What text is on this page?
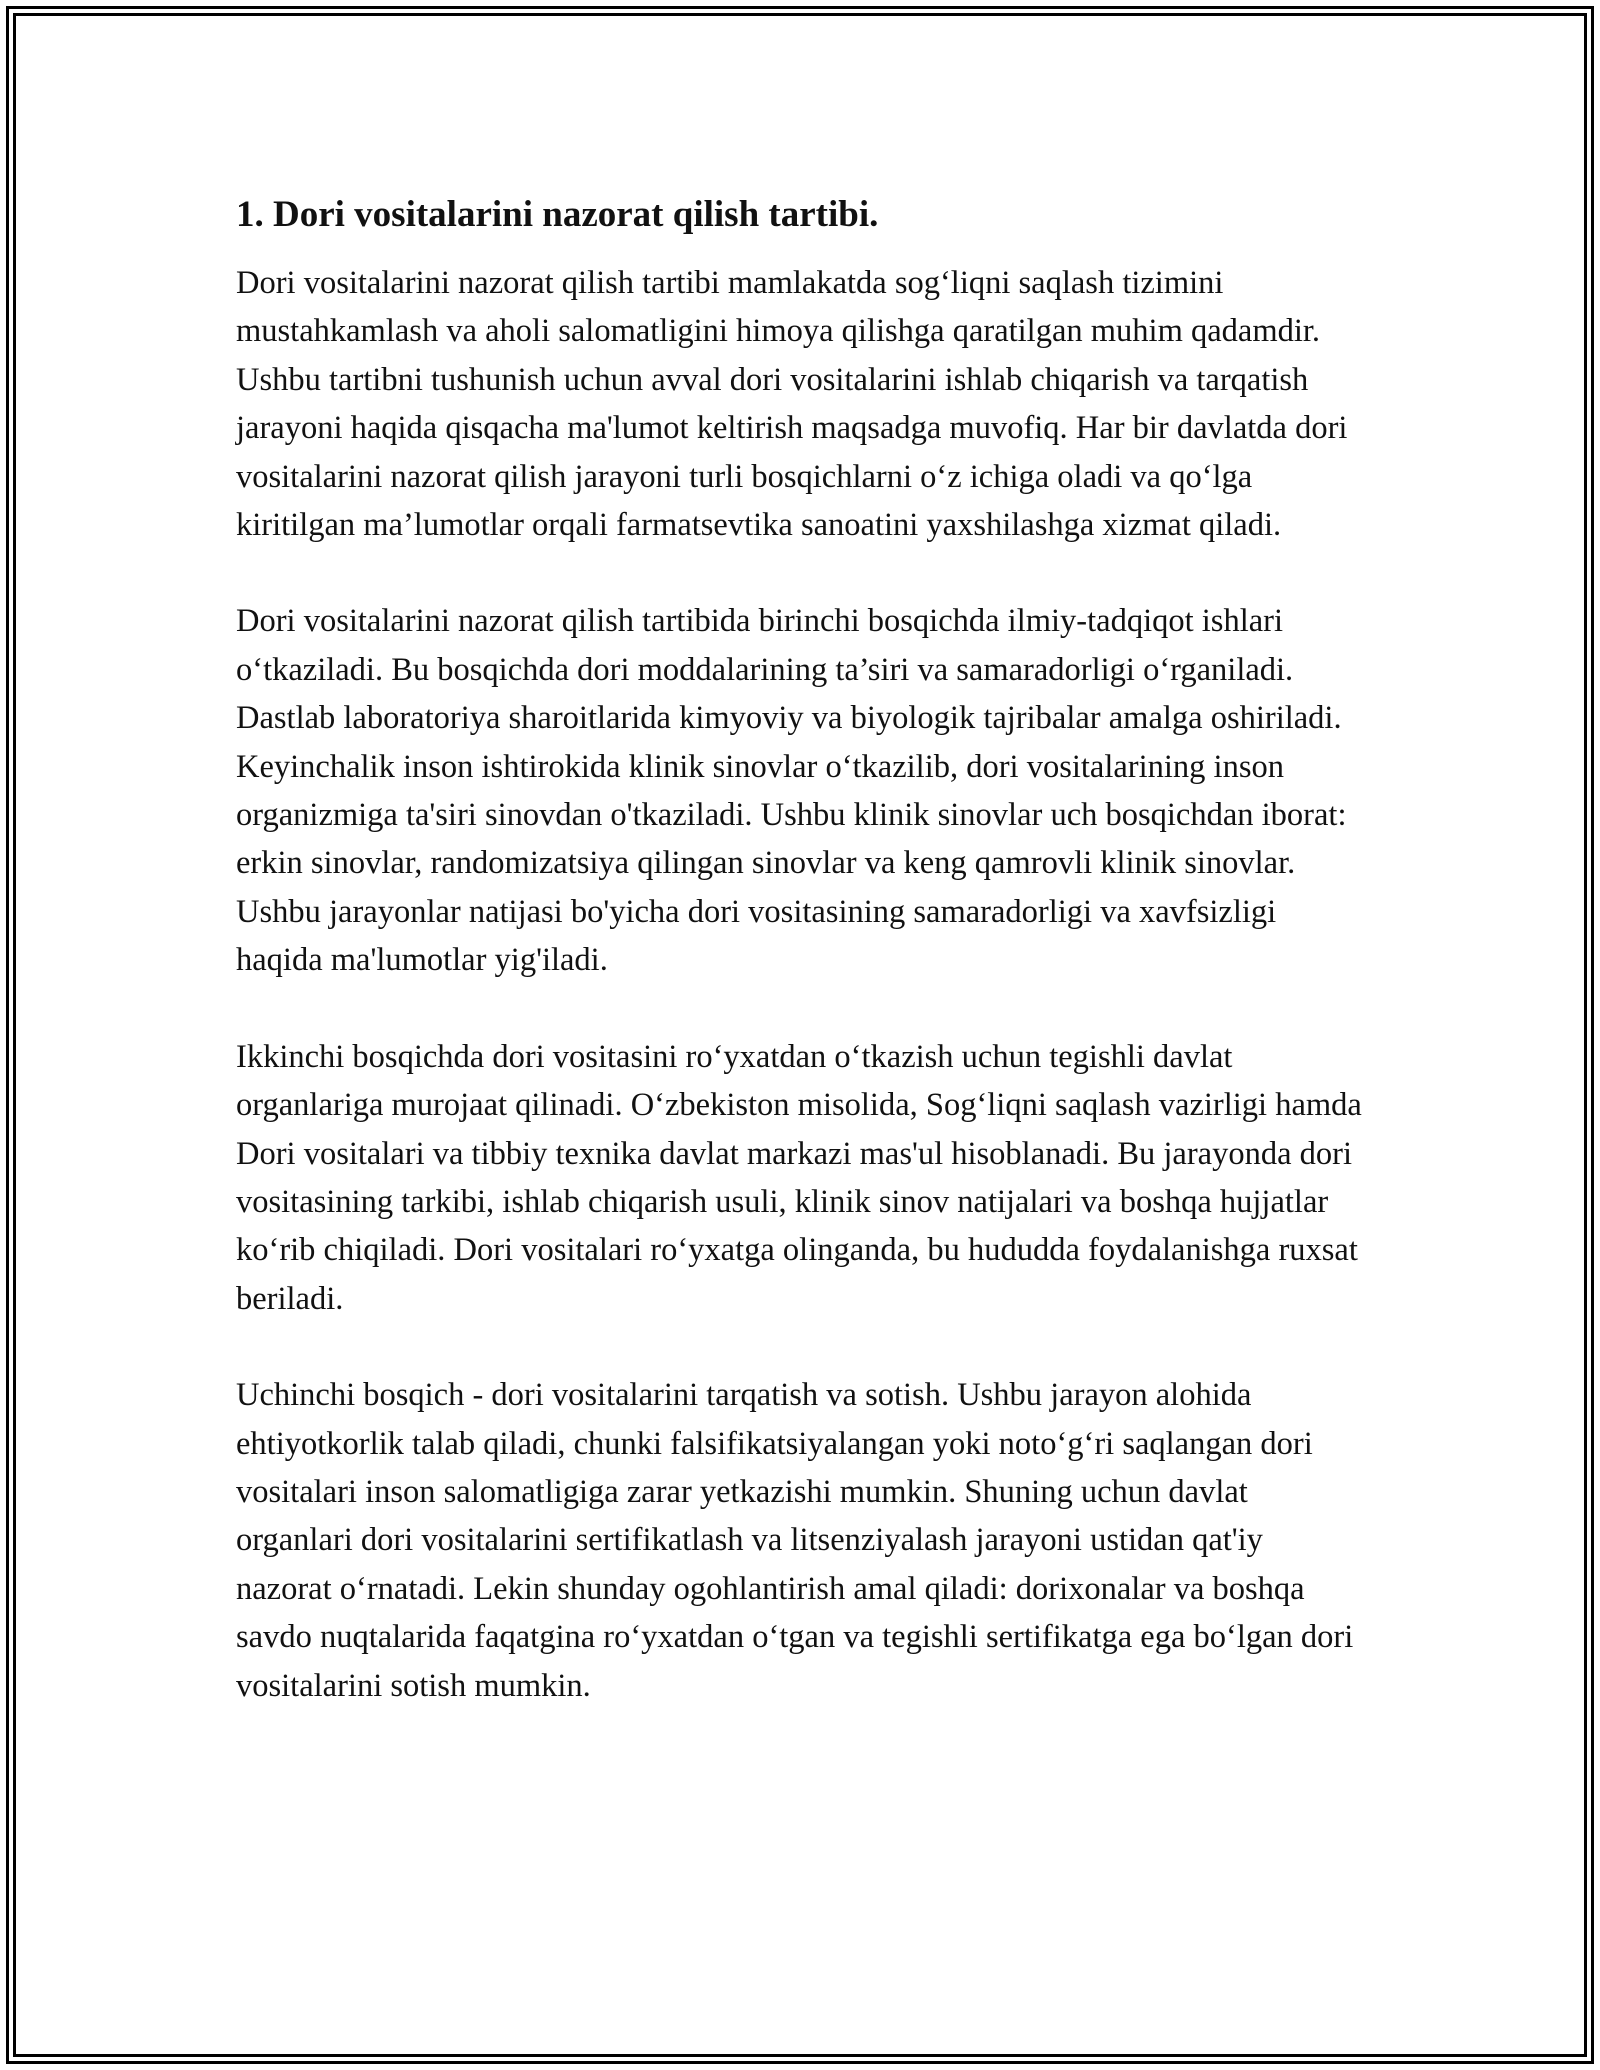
1. Dori vositalarini nazorat qilish tartibi.

Dori vositalarini nazorat qilish tartibi mamlakatda sog‘liqni saqlash tizimini mustahkamlash va aholi salomatligini himoya qilishga qaratilgan muhim qadamdir. Ushbu tartibni tushunish uchun avval dori vositalarini ishlab chiqarish va tarqatish jarayoni haqida qisqacha ma'lumot keltirish maqsadga muvofiq. Har bir davlatda dori vositalarini nazorat qilish jarayoni turli bosqichlarni o‘z ichiga oladi va qo‘lga kiritilgan ma’lumotlar orqali farmatsevtika sanoatini yaxshilashga xizmat qiladi.

Dori vositalarini nazorat qilish tartibida birinchi bosqichda ilmiy-tadqiqot ishlari o‘tkaziladi. Bu bosqichda dori moddalarining ta’siri va samaradorligi o‘rganiladi. Dastlab laboratoriya sharoitlarida kimyoviy va biyologik tajribalar amalga oshiriladi. Keyinchalik inson ishtirokida klinik sinovlar o‘tkazilib, dori vositalarining inson organizmiga ta'siri sinovdan o'tkaziladi. Ushbu klinik sinovlar uch bosqichdan iborat: erkin sinovlar, randomizatsiya qilingan sinovlar va keng qamrovli klinik sinovlar. Ushbu jarayonlar natijasi bo'yicha dori vositasining samaradorligi va xavfsizligi haqida ma'lumotlar yig'iladi.

Ikkinchi bosqichda dori vositasini ro‘yxatdan o‘tkazish uchun tegishli davlat organlariga murojaat qilinadi. O‘zbekiston misolida, Sog‘liqni saqlash vazirligi hamda Dori vositalari va tibbiy texnika davlat markazi mas'ul hisoblanadi. Bu jarayonda dori vositasining tarkibi, ishlab chiqarish usuli, klinik sinov natijalari va boshqa hujjatlar ko‘rib chiqiladi. Dori vositalari ro‘yxatga olinganda, bu hududda foydalanishga ruxsat beriladi.

Uchinchi bosqich - dori vositalarini tarqatish va sotish. Ushbu jarayon alohida ehtiyotkorlik talab qiladi, chunki falsifikatsiyalangan yoki noto‘g‘ri saqlangan dori vositalari inson salomatligiga zarar yetkazishi mumkin. Shuning uchun davlat organlari dori vositalarini sertifikatlash va litsenziyalash jarayoni ustidan qat'iy nazorat o‘rnatadi. Lekin shunday ogohlantirish amal qiladi: dorixonalar va boshqa savdo nuqtalarida faqatgina ro‘yxatdan o‘tgan va tegishli sertifikatga ega bo‘lgan dori vositalarini sotish mumkin.
